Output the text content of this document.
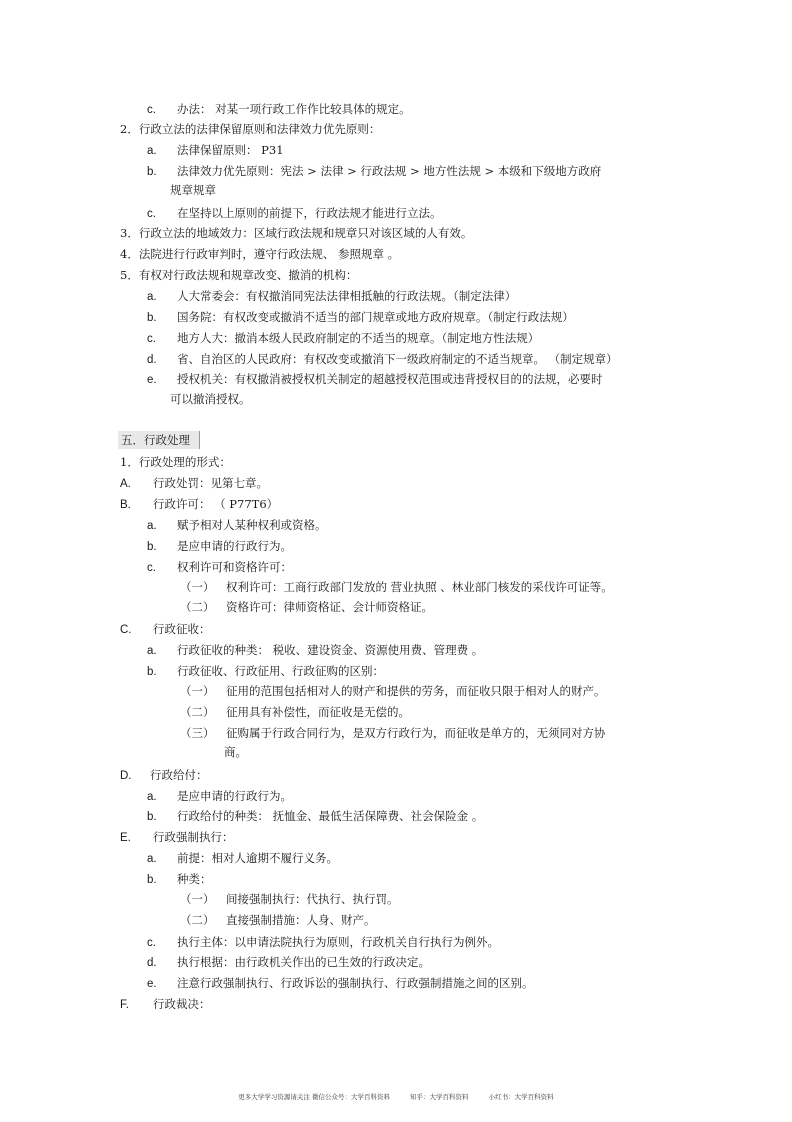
c. 办法： 对某一项行政工作作比较具体的规定。
2．行政立法的法律保留原则和法律效力优先原则：
a. 法律保留原则： P31
b. 法律效力优先原则：宪法 > 法律 > 行政法规 > 地方性法规 > 本级和下级地方政府
规章规章
c. 在坚持以上原则的前提下，行政法规才能进行立法。
3．行政立法的地域效力：区域行政法规和规章只对该区域的人有效。
4．法院进行行政审判时，遵守行政法规、 参照规章 。
5．有权对行政法规和规章改变、撤消的机构：
a. 人大常委会：有权撤消同宪法法律相抵触的行政法规。（制定法律）
b. 国务院：有权改变或撤消不适当的部门规章或地方政府规章。（制定行政法规）
c. 地方人大：撤消本级人民政府制定的不适当的规章。（制定地方性法规）
d. 省、自治区的人民政府：有权改变或撤消下一级政府制定的不适当规章。 （制定规章）
e. 授权机关：有权撤消被授权机关制定的超越授权范围或违背授权目的的法规，必要时
可以撤消授权。
五．行政处理
1．行政处理的形式：
A. 行政处罚：见第七章。
B. 行政许可： （ P77T6）
a. 赋予相对人某种权利或资格。
b. 是应申请的行政行为。
c. 权利许可和资格许可：
（一） 权利许可：工商行政部门发放的 营业执照 、林业部门核发的采伐许可证等。
（二） 资格许可：律师资格证、会计师资格证。
C. 行政征收：
a. 行政征收的种类： 税收、建设资金、资源使用费、管理费 。
b. 行政征收、行政征用、行政征购的区别：
（一） 征用的范围包括相对人的财产和提供的劳务，而征收只限于相对人的财产。
（二） 征用具有补偿性，而征收是无偿的。
（三） 征购属于行政合同行为，是双方行政行为，而征收是单方的，无须同对方协
商。
D. 行政给付：
a. 是应申请的行政行为。
b. 行政给付的种类： 抚恤金、最低生活保障费、社会保险金 。
E. 行政强制执行：
a. 前提：相对人逾期不履行义务。
b. 种类：
（一） 间接强制执行：代执行、执行罚。
（二） 直接强制措施：人身、财产。
c. 执行主体：以申请法院执行为原则，行政机关自行执行为例外。
d. 执行根据：由行政机关作出的已生效的行政决定。
e. 注意行政强制执行、行政诉讼的强制执行、行政强制措施之间的区别。
F. 行政裁决：
更多大学学习资源请关注 微信公众号：大学百科资料	知乎：大学百科资料	小红书：大学百科资料
